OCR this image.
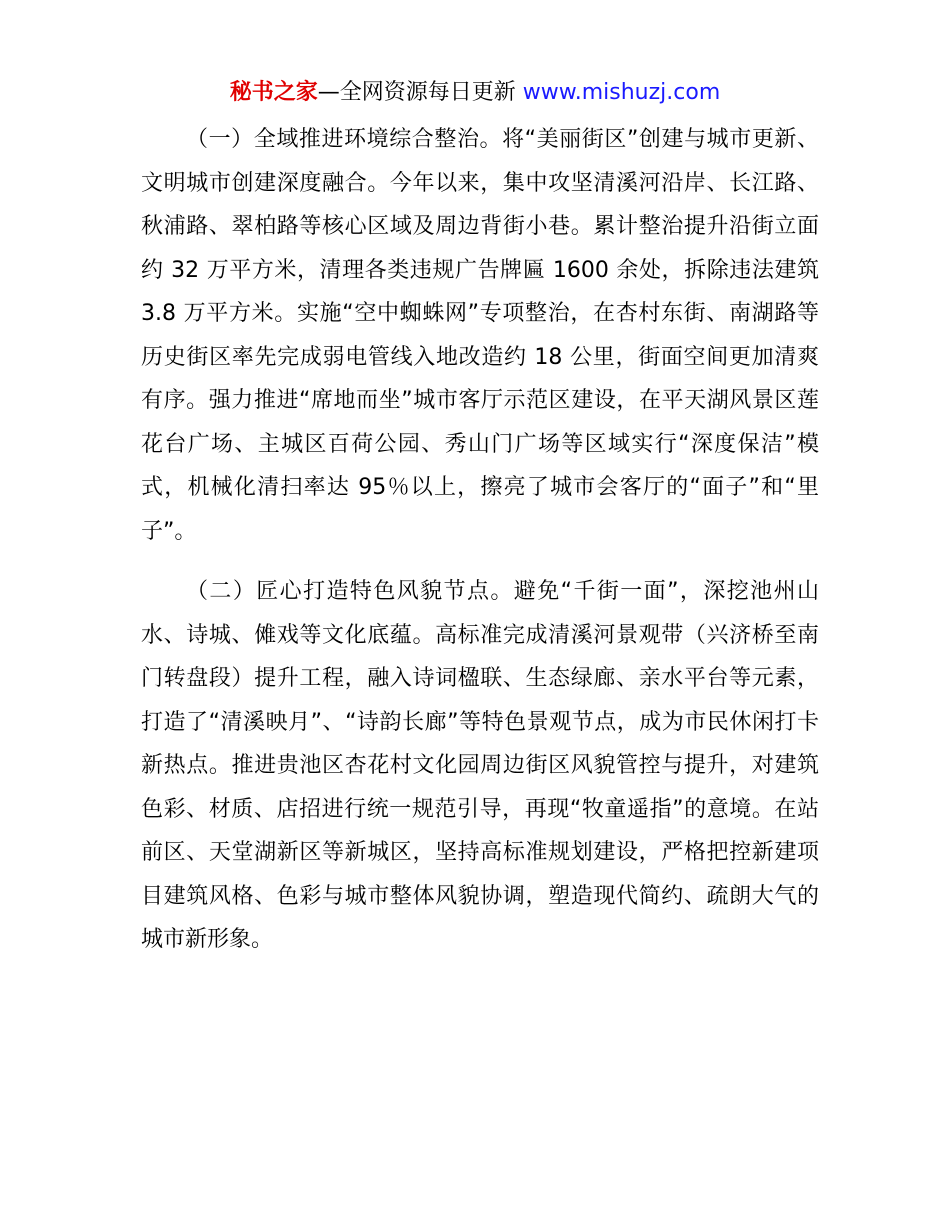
秘书之家—全网资源每日更新 www.mishuzj.com

（一）全域推进环境综合整治。将“美丽街区”创建与城市更新、文明城市创建深度融合。今年以来，集中攻坚清溪河沿岸、长江路、秋浦路、翠柏路等核心区域及周边背街小巷。累计整治提升沿街立面约 32 万平方米，清理各类违规广告牌匾 1600 余处，拆除违法建筑 3.8 万平方米。实施“空中蜘蛛网”专项整治，在杏村东街、南湖路等历史街区率先完成弱电管线入地改造约 18 公里，街面空间更加清爽有序。强力推进“席地而坐”城市客厅示范区建设，在平天湖风景区莲花台广场、主城区百荷公园、秀山门广场等区域实行“深度保洁”模式，机械化清扫率达 95％以上，擦亮了城市会客厅的“面子”和“里子”。

（二）匠心打造特色风貌节点。避免“千街一面”，深挖池州山水、诗城、傩戏等文化底蕴。高标准完成清溪河景观带（兴济桥至南门转盘段）提升工程，融入诗词楹联、生态绿廊、亲水平台等元素，打造了“清溪映月”、“诗韵长廊”等特色景观节点，成为市民休闲打卡新热点。推进贵池区杏花村文化园周边街区风貌管控与提升，对建筑色彩、材质、店招进行统一规范引导，再现“牧童遥指”的意境。在站前区、天堂湖新区等新城区，坚持高标准规划建设，严格把控新建项目建筑风格、色彩与城市整体风貌协调，塑造现代简约、疏朗大气的城市新形象。
